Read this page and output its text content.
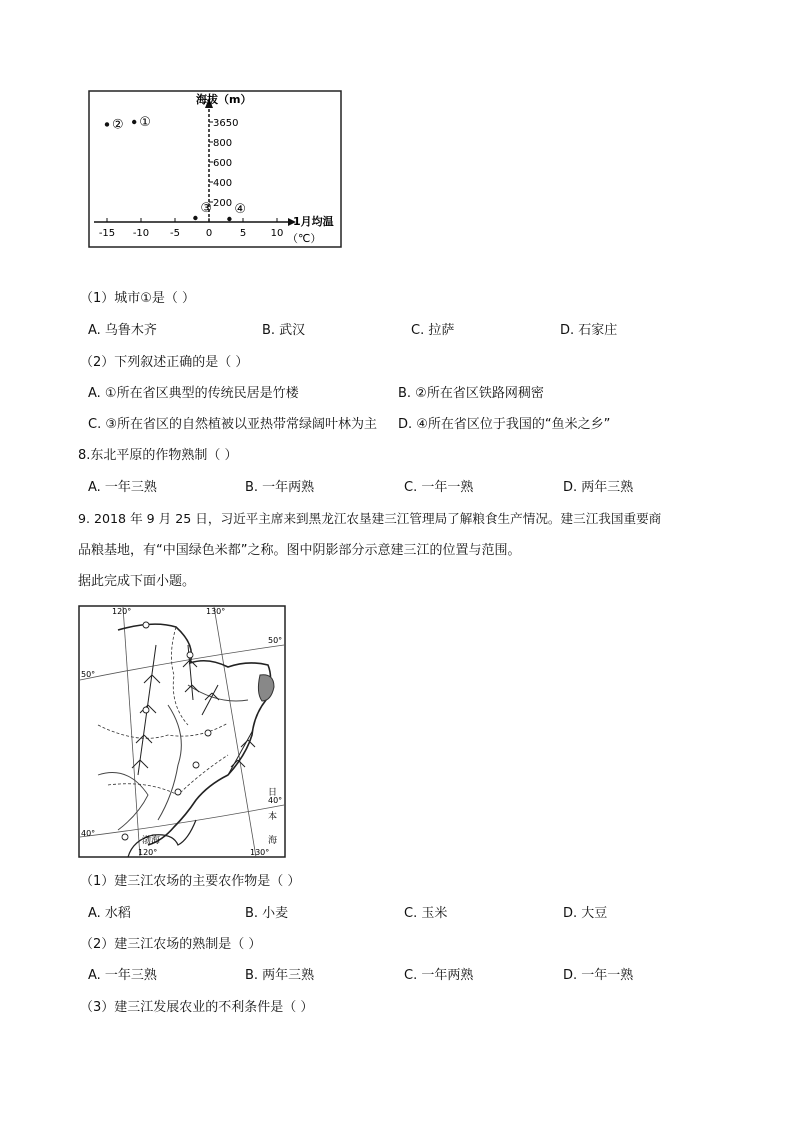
海拔（m）
1月均温
（℃）
-15 -10 -5	0	5 10
200
400
600
800
3650
①
②
③ ④
（1）城市①是（ ）
A. 乌鲁木齐	B. 武汉	C. 拉萨	D. 石家庄
（2）下列叙述正确的是（ ）
A. ①所在省区典型的传统民居是竹楼	B. ②所在省区铁路网稠密
C. ③所在省区的自然植被以亚热带常绿阔叶林为主 D. ④所在省区位于我国的“鱼米之乡”
8.东北平原的作物熟制（ ）
A. 一年三熟	B. 一年两熟	C. 一年一熟	D. 两年三熟
9. 2018 年 9 月 25 日，习近平主席来到黑龙江农垦建三江管理局了解粮食生产情况。建三江我国重要商
品粮基地，有“中国绿色米都”之称。图中阴影部分示意建三江的位置与范围。
据此完成下面小题。
120°	130°
120°	130°
50°
50°
40°
40°
渤海
日
本
海
（1）建三江农场的主要农作物是（ ）
A. 水稻	B. 小麦	C. 玉米	D. 大豆
（2）建三江农场的熟制是（ ）
A. 一年三熟	B. 两年三熟	C. 一年两熟	D. 一年一熟
（3）建三江发展农业的不利条件是（ ）
